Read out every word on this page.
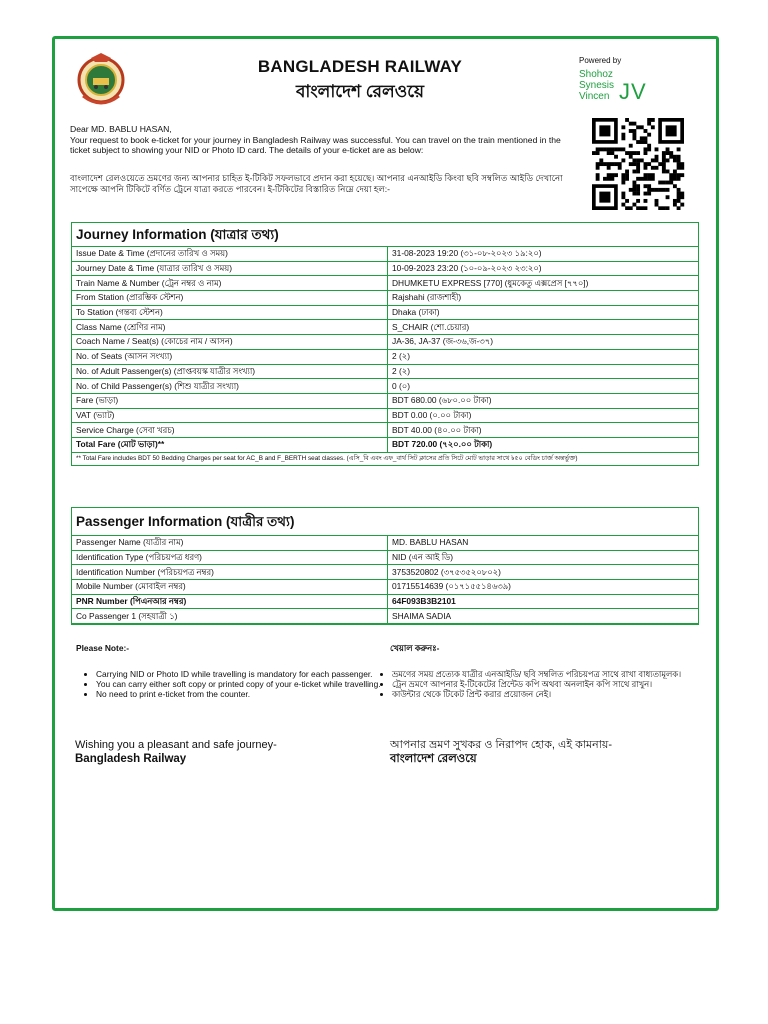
BANGLADESH RAILWAY
বাংলাদেশ রেলওয়ে
Powered by
Shohoz
Synesis
Vincen JV
Dear MD. BABLU HASAN,
Your request to book e-ticket for your journey in Bangladesh Railway was successful. You can travel on the train mentioned in the ticket subject to showing your NID or Photo ID card. The details of your e-ticket are as below:
বাংলাদেশ রেলওয়েতে ভ্রমণের জন্য আপনার চাহিত ই-টিকিট সফলভাবে প্রদান করা হয়েছে। আপনার এনআইডি কিংবা ছবি সম্বলিত আইডি দেখানো সাপেক্ষে আপনি টিকিটে বর্ণিত ট্রেনে যাত্রা করতে পারবেন। ই-টিকিটের বিস্তারিত নিম্নে দেয়া হল:-
Journey Information (যাত্রার তথ্য)
Issue Date & Time (প্রদানের তারিখ ও সময়)	31-08-2023 19:20 (৩১-০৮-২০২৩ ১৯:২০)
Journey Date & Time (যাত্রার তারিখ ও সময়)	10-09-2023 23:20 (১০-০৯-২০২৩ ২৩:২০)
Train Name & Number (ট্রেন নম্বর ও নাম)	DHUMKETU EXPRESS [770] (ধুমকেতু এক্সপ্রেস [৭৭০])
From Station (প্রারম্ভিক স্টেশন)	Rajshahi (রাজশাহী)
To Station (গন্তব্য স্টেশন)	Dhaka (ঢাকা)
Class Name (শ্রেণির নাম)	S_CHAIR (শো.চেয়ার)
Coach Name / Seat(s) (কোচের নাম / আসন)	JA-36, JA-37 (জ-৩৬,জ-৩৭)
No. of Seats (আসন সংখ্যা)	2 (২)
No. of Adult Passenger(s) (প্রাপ্তবয়স্ক যাত্রীর সংখ্যা)	2 (২)
No. of Child Passenger(s) (শিশু যাত্রীর সংখ্যা)	0 (০)
Fare (ভাড়া)	BDT 680.00 (৬৮০.০০ টাকা)
VAT (ভ্যাট)	BDT 0.00 (০.০০ টাকা)
Service Charge (সেবা খরচ)	BDT 40.00 (৪০.০০ টাকা)
Total Fare (মোট ভাড়া)**	BDT 720.00 (৭২০.০০ টাকা)
** Total Fare includes BDT 50 Bedding Charges per seat for AC_B and F_BERTH seat classes. (এসি_বি এবং এফ_বার্থ সিট ক্লাসের প্রতি সিটে মোট ভাড়ার সাথে ৳৫০ বেডিং চার্জ অন্তর্ভুক্ত)
Passenger Information (যাত্রীর তথ্য)
Passenger Name (যাত্রীর নাম)	MD. BABLU HASAN
Identification Type (পরিচয়পত্র ধরণ)	NID (এন আই ডি)
Identification Number (পরিচয়পত্র নম্বর)	3753520802 (৩৭৫৩৫২০৮০২)
Mobile Number (মোবাইল নম্বর)	01715514639 (০১৭১৫৫১৪৬৩৯)
PNR Number (পিএনআর নম্বর)	64F093B3B2101
Co Passenger 1 (সহযাত্রী ১)	SHAIMA SADIA
Please Note:-
• Carrying NID or Photo ID while travelling is mandatory for each passenger.
• You can carry either soft copy or printed copy of your e-ticket while travelling.
• No need to print e-ticket from the counter.
খেয়াল করুনঃ-
• ভ্রমণের সময় প্রত্যেক যাত্রীর এনআইডি/ ছবি সম্বলিত পরিচয়পত্র সাথে রাখা বাধ্যতামূলক।
• ট্রেন ভ্রমণে আপনার ই-টিকেটের প্রিন্টেড কপি অথবা অনলাইন কপি সাথে রাখুন।
• কাউন্টার থেকে টিকেট প্রিন্ট করার প্রয়োজন নেই।
Wishing you a pleasant and safe journey-
Bangladesh Railway
আপনার ভ্রমণ সুখকর ও নিরাপদ হোক, এই কামনায়-
বাংলাদেশ রেলওয়ে
